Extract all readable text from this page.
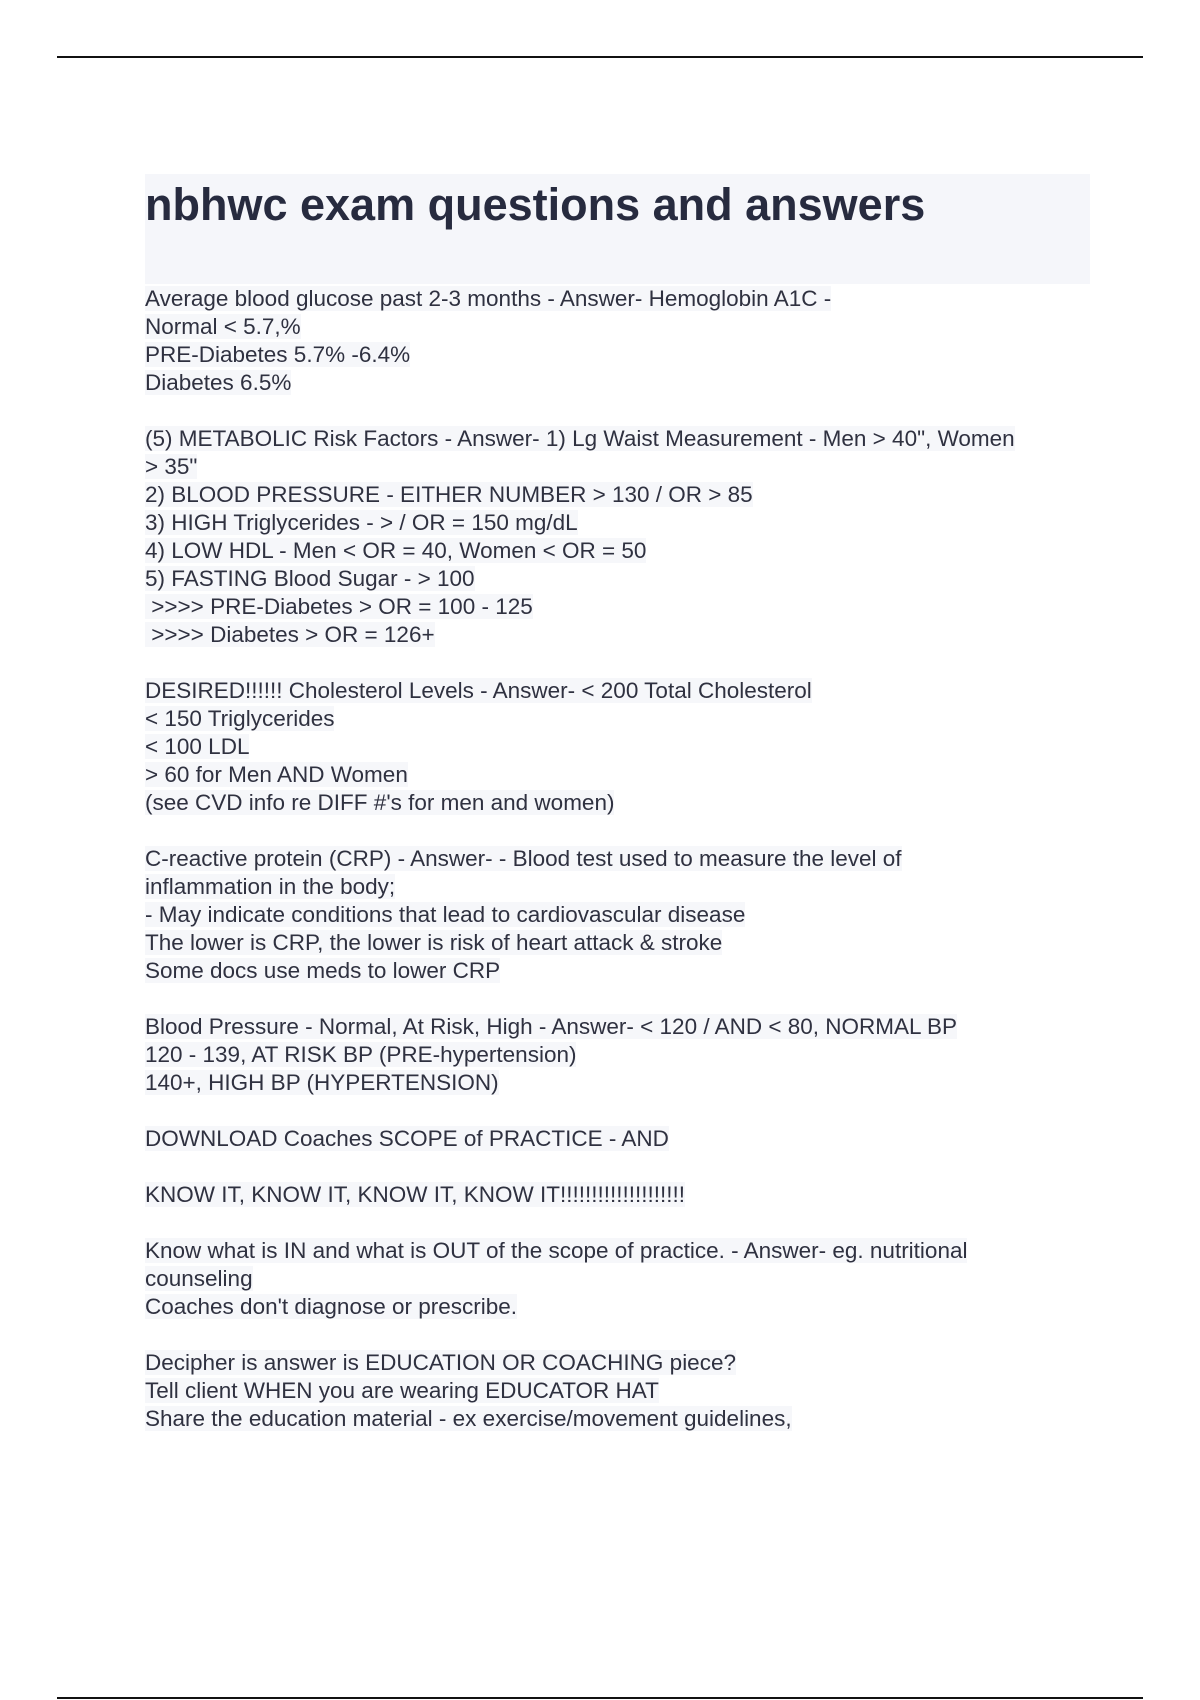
nbhwc exam questions and answers
Average blood glucose past 2-3 months - Answer- Hemoglobin A1C -
Normal < 5.7,%
PRE-Diabetes 5.7% -6.4%
Diabetes 6.5%
(5) METABOLIC Risk Factors - Answer- 1) Lg Waist Measurement - Men > 40", Women
> 35"
2) BLOOD PRESSURE - EITHER NUMBER > 130 / OR > 85
3) HIGH Triglycerides - > / OR = 150 mg/dL
4) LOW HDL - Men < OR = 40, Women < OR = 50
5) FASTING Blood Sugar - > 100
>>>> PRE-Diabetes > OR = 100 - 125
>>>> Diabetes > OR = 126+
DESIRED!!!!!! Cholesterol Levels - Answer- < 200 Total Cholesterol
< 150 Triglycerides
< 100 LDL
> 60 for Men AND Women
(see CVD info re DIFF #'s for men and women)
C-reactive protein (CRP) - Answer- - Blood test used to measure the level of
inflammation in the body;
- May indicate conditions that lead to cardiovascular disease
The lower is CRP, the lower is risk of heart attack & stroke
Some docs use meds to lower CRP
Blood Pressure - Normal, At Risk, High - Answer- < 120 / AND < 80, NORMAL BP
120 - 139, AT RISK BP (PRE-hypertension)
140+, HIGH BP (HYPERTENSION)
DOWNLOAD Coaches SCOPE of PRACTICE - AND
KNOW IT, KNOW IT, KNOW IT, KNOW IT!!!!!!!!!!!!!!!!!!!!
Know what is IN and what is OUT of the scope of practice. - Answer- eg. nutritional
counseling
Coaches don't diagnose or prescribe.
Decipher is answer is EDUCATION OR COACHING piece?
Tell client WHEN you are wearing EDUCATOR HAT
Share the education material - ex exercise/movement guidelines,
